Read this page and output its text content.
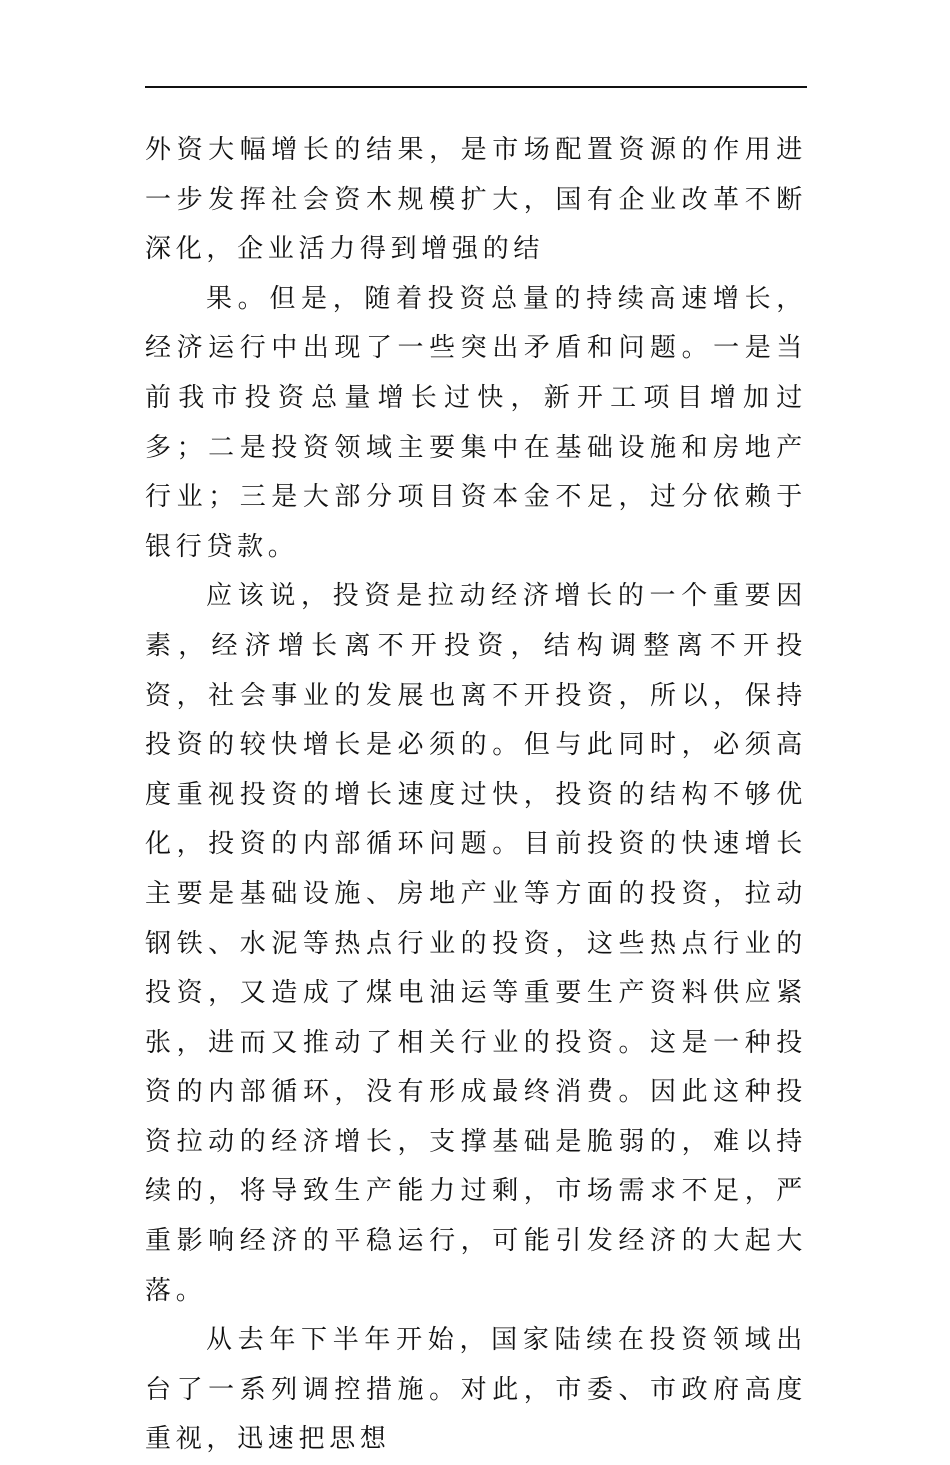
外资大幅增长的结果，是市场配置资源的作用进一步发挥社会资木规模扩大，国有企业改革不断深化，企业活力得到增强的结

果。但是，随着投资总量的持续高速增长，经济运行中出现了一些突出矛盾和问题。一是当前我市投资总量增长过快，新开工项目增加过多；二是投资领域主要集中在基础设施和房地产行业；三是大部分项目资本金不足，过分依赖于银行贷款。

应该说，投资是拉动经济增长的一个重要因素，经济增长离不开投资，结构调整离不开投资，社会事业的发展也离不开投资，所以，保持投资的较快增长是必须的。但与此同时，必须高度重视投资的增长速度过快，投资的结构不够优化，投资的内部循环问题。目前投资的快速增长主要是基础设施、房地产业等方面的投资，拉动钢铁、水泥等热点行业的投资，这些热点行业的投资，又造成了煤电油运等重要生产资料供应紧张，进而又推动了相关行业的投资。这是一种投资的内部循环，没有形成最终消费。因此这种投资拉动的经济增长，支撑基础是脆弱的，难以持续的，将导致生产能力过剩，市场需求不足，严重影响经济的平稳运行，可能引发经济的大起大落。

从去年下半年开始，国家陆续在投资领域出台了一系列调控措施。对此，市委、市政府高度重视，迅速把思想
